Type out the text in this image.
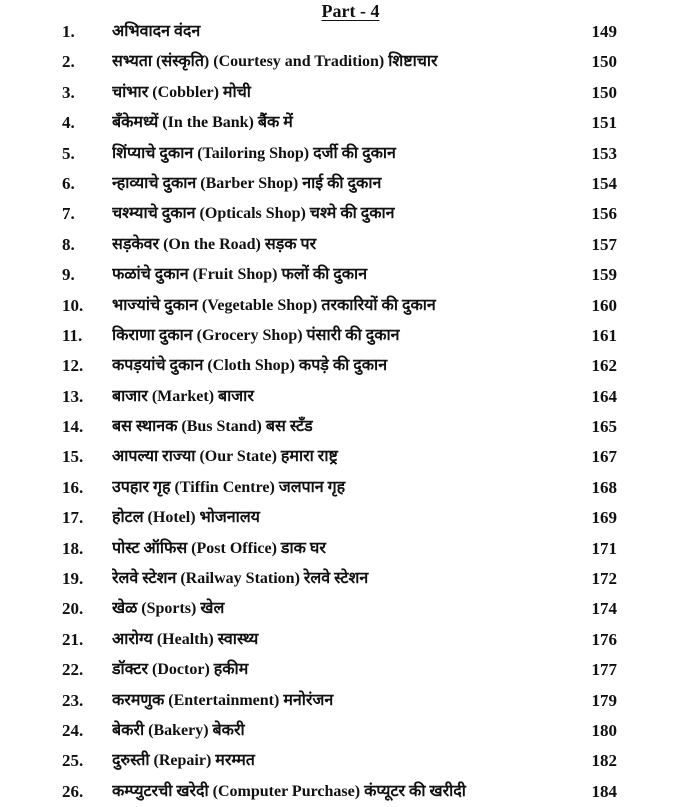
Part - 4
1. अभिवादन वंदन	149
2. सभ्यता (संस्कृति) (Courtesy and Tradition) शिष्टाचार	150
3. चांभार (Cobbler) मोची	150
4. बॅंकेमध्यें (In the Bank) बैंक में	151
5. शिंप्याचे दुकान (Tailoring Shop) दर्जी की दुकान	153
6. न्हाव्याचे दुकान (Barber Shop) नाई की दुकान	154
7. चश्म्याचे दुकान (Opticals Shop) चश्मे की दुकान	156
8. सड़केवर (On the Road) सड़क पर	157
9. फळांचे दुकान (Fruit Shop) फलों की दुकान	159
10. भाज्यांचे दुकान (Vegetable Shop) तरकारियों की दुकान	160
11. किराणा दुकान (Grocery Shop) पंसारी की दुकान	161
12. कपड़यांचे दुकान (Cloth Shop) कपड़े की दुकान	162
13. बाजार (Market) बाजार	164
14. बस स्थानक (Bus Stand) बस स्टॅंड	165
15. आपल्या राज्या (Our State) हमारा राष्ट्र	167
16. उपहार गृह (Tiffin Centre) जलपान गृह	168
17. होटल (Hotel) भोजनालय	169
18. पोस्ट ऑफिस (Post Office) डाक घर	171
19. रेलवे स्टेशन (Railway Station) रेलवे स्टेशन	172
20. खेळ (Sports) खेल	174
21. आरोग्य (Health) स्वास्थ्य	176
22. डॉक्टर (Doctor) हकीम	177
23. करमणुक (Entertainment) मनोरंजन	179
24. बेकरी (Bakery) बेकरी	180
25. दुरुस्ती (Repair) मरम्मत	182
26. कम्प्युटरची खरेदी (Computer Purchase) कंप्यूटर की खरीदी	184
